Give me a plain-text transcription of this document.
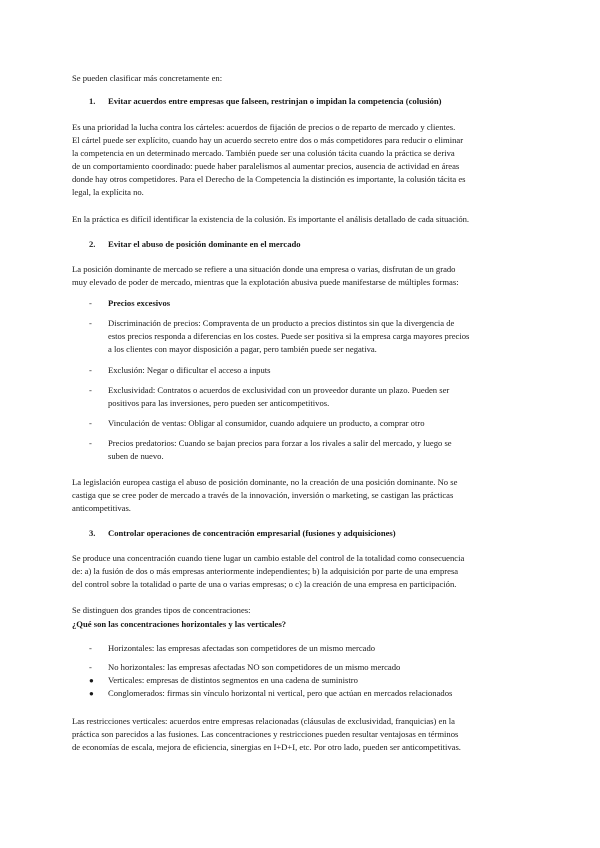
Se pueden clasificar más concretamente en:
1. Evitar acuerdos entre empresas que falseen, restrinjan o impidan la competencia (colusión)
Es una prioridad la lucha contra los cárteles: acuerdos de fijación de precios o de reparto de mercado y clientes.
El cártel puede ser explícito, cuando hay un acuerdo secreto entre dos o más competidores para reducir o eliminar
la competencia en un determinado mercado. También puede ser una colusión tácita cuando la práctica se deriva
de un comportamiento coordinado: puede haber paralelismos al aumentar precios, ausencia de actividad en áreas
donde hay otros competidores. Para el Derecho de la Competencia la distinción es importante, la colusión tácita es
legal, la explícita no.
En la práctica es difícil identificar la existencia de la colusión. Es importante el análisis detallado de cada situación.
2. Evitar el abuso de posición dominante en el mercado
La posición dominante de mercado se refiere a una situación donde una empresa o varias, disfrutan de un grado
muy elevado de poder de mercado, mientras que la explotación abusiva puede manifestarse de múltiples formas:
-	Precios excesivos
-	Discriminación de precios: Compraventa de un producto a precios distintos sin que la divergencia de
estos precios responda a diferencias en los costes. Puede ser positiva si la empresa carga mayores precios
a los clientes con mayor disposición a pagar, pero también puede ser negativa.
-	Exclusión: Negar o dificultar el acceso a inputs
-	Exclusividad: Contratos o acuerdos de exclusividad con un proveedor durante un plazo. Pueden ser
positivos para las inversiones, pero pueden ser anticompetitivos.
-	Vinculación de ventas: Obligar al consumidor, cuando adquiere un producto, a comprar otro
-	Precios predatorios: Cuando se bajan precios para forzar a los rivales a salir del mercado, y luego se
suben de nuevo.
La legislación europea castiga el abuso de posición dominante, no la creación de una posición dominante. No se
castiga que se cree poder de mercado a través de la innovación, inversión o marketing, se castigan las prácticas
anticompetitivas.
3. Controlar operaciones de concentración empresarial (fusiones y adquisiciones)
Se produce una concentración cuando tiene lugar un cambio estable del control de la totalidad como consecuencia
de: a) la fusión de dos o más empresas anteriormente independientes; b) la adquisición por parte de una empresa
del control sobre la totalidad o parte de una o varias empresas; o c) la creación de una empresa en participación.
Se distinguen dos grandes tipos de concentraciones:
¿Qué son las concentraciones horizontales y las verticales?
-	Horizontales: las empresas afectadas son competidores de un mismo mercado
-	No horizontales: las empresas afectadas NO son competidores de un mismo mercado
●	Verticales: empresas de distintos segmentos en una cadena de suministro
●	Conglomerados: firmas sin vínculo horizontal ni vertical, pero que actúan en mercados relacionados
Las restricciones verticales: acuerdos entre empresas relacionadas (cláusulas de exclusividad, franquicias) en la
práctica son parecidos a las fusiones. Las concentraciones y restricciones pueden resultar ventajosas en términos
de economías de escala, mejora de eficiencia, sinergias en I+D+I, etc. Por otro lado, pueden ser anticompetitivas.
